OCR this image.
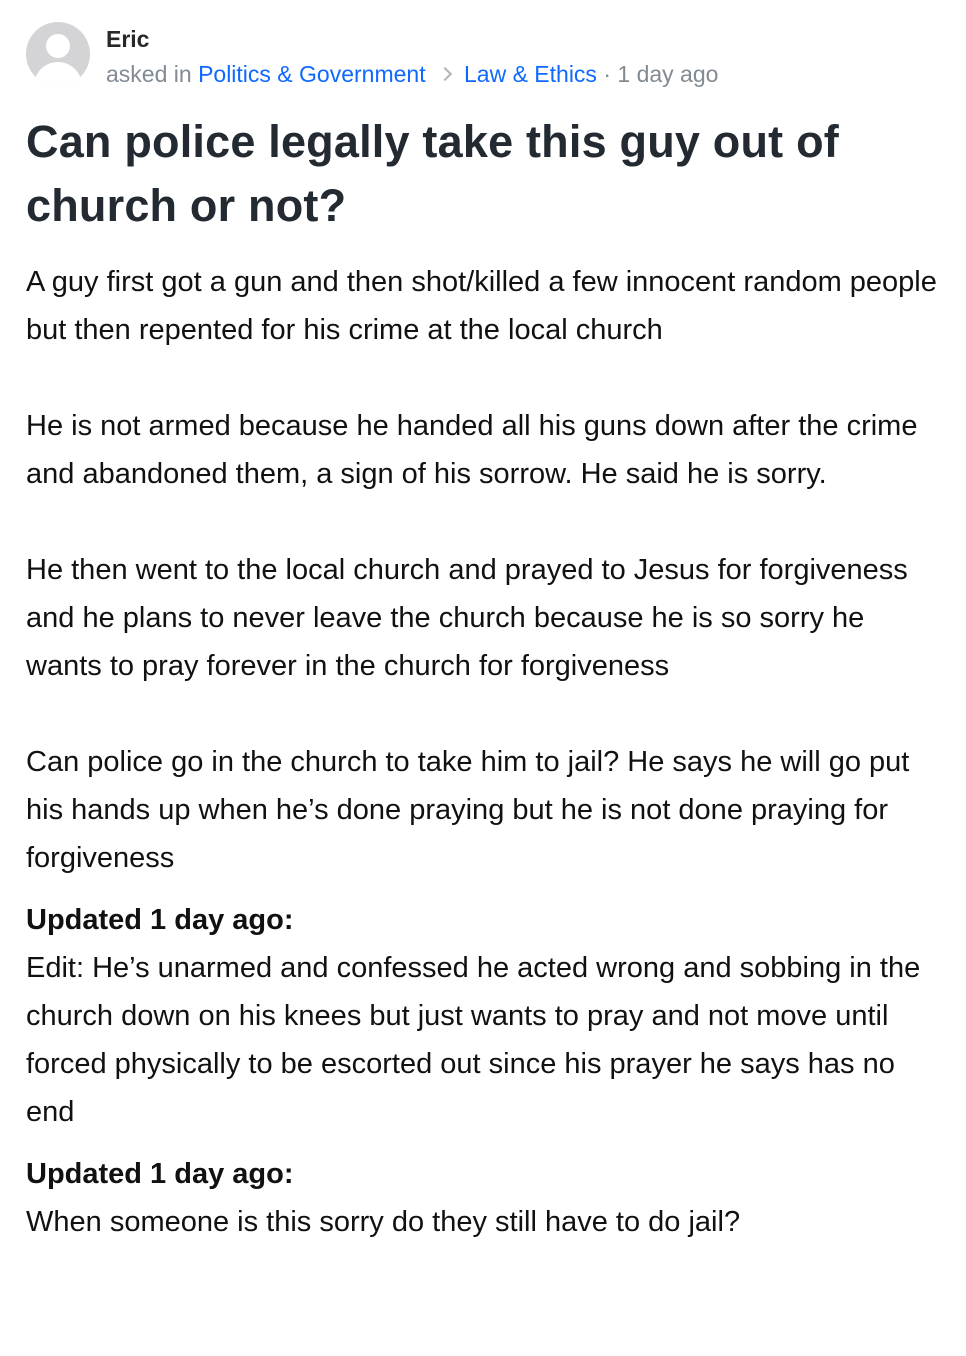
Eric
asked in Politics & Government Law & Ethics · 1 day ago
Can police legally take this guy out of church or not?

A guy first got a gun and then shot/killed a few innocent random people but then repented for his crime at the local church

He is not armed because he handed all his guns down after the crime and abandoned them, a sign of his sorrow. He said he is sorry.

He then went to the local church and prayed to Jesus for forgiveness and he plans to never leave the church because he is so sorry he wants to pray forever in the church for forgiveness

Can police go in the church to take him to jail? He says he will go put his hands up when he’s done praying but he is not done praying for forgiveness

Updated 1 day ago:
Edit: He’s unarmed and confessed he acted wrong and sobbing in the church down on his knees but just wants to pray and not move until forced physically to be escorted out since his prayer he says has no end
Updated 1 day ago:
When someone is this sorry do they still have to do jail?
